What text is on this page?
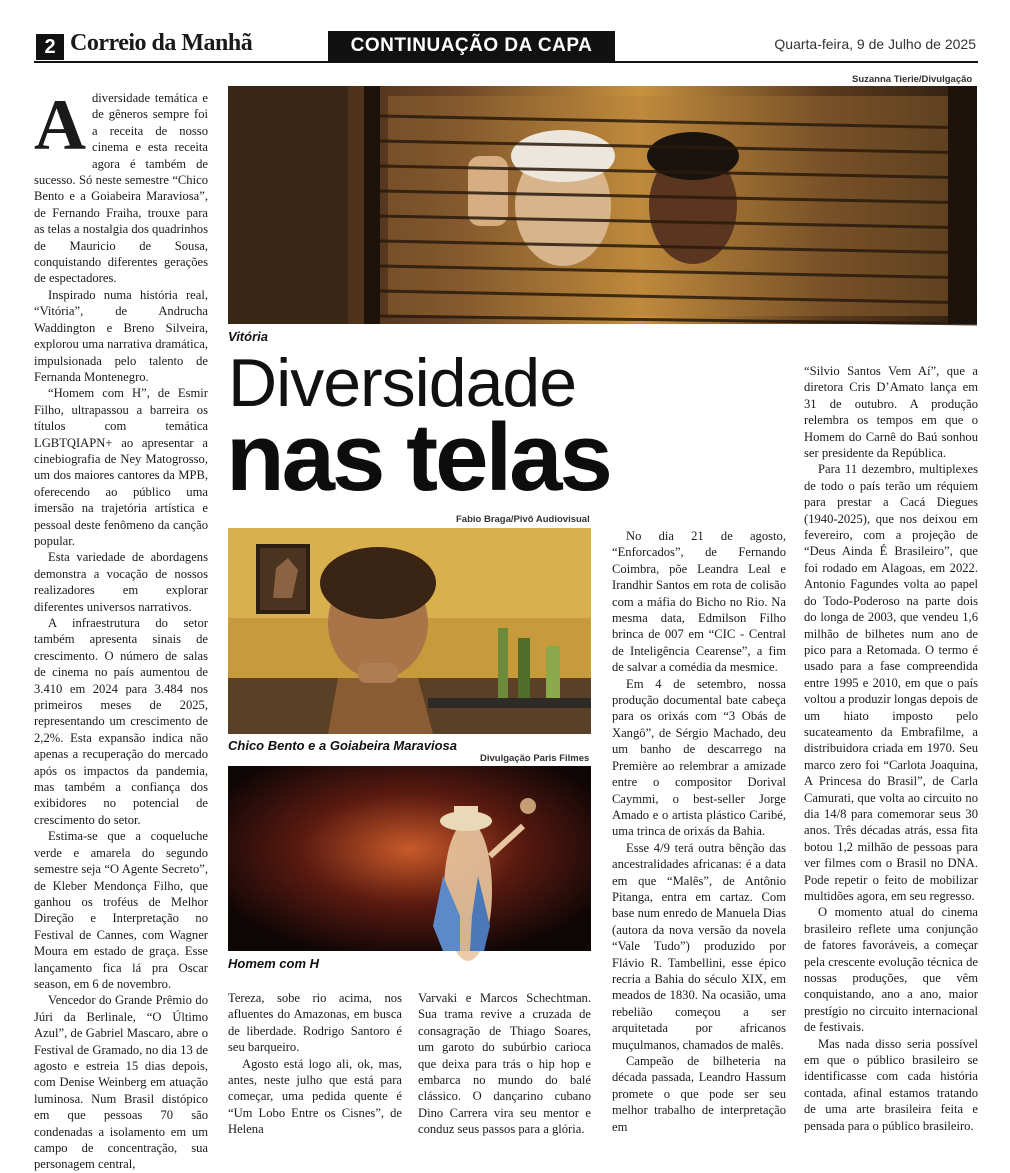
2 Correio da Manhã	CONTINUAÇÃO DA CAPA	Quarta-feira, 9 de Julho de 2025
Suzanna Tierie/Divulgação
Vitória
Diversidade
nas telas

Adiversidade temática e de gêneros sempre foi a receita de nosso cinema e esta receita agora é também de sucesso. Só neste semestre “Chico Bento e a Goiabeira Maraviosa”, de Fernando Fraiha, trouxe para as telas a nostalgia dos quadrinhos de Mauricio de Sousa, conquistando diferentes gerações de espectadores.

Inspirado numa história real, “Vitória”, de Andrucha Waddington e Breno Silveira, explorou uma narrativa dramática, impulsionada pelo talento de Fernanda Montenegro.

“Homem com H”, de Esmir Filho, ultrapassou a barreira os títulos com temática LGBTQIAPN+ ao apresentar a cinebiografia de Ney Matogrosso, um dos maiores cantores da MPB, oferecendo ao público uma imersão na trajetória artística e pessoal deste fenômeno da canção popular.

Esta variedade de abordagens demonstra a vocação de nossos realizadores em explorar diferentes universos narrativos.

A infraestrutura do setor também apresenta sinais de crescimento. O número de salas de cinema no país aumentou de 3.410 em 2024 para 3.484 nos primeiros meses de 2025, representando um crescimento de 2,2%. Esta expansão indica não apenas a recuperação do mercado após os impactos da pandemia, mas também a confiança dos exibidores no potencial de crescimento do setor.

Estima-se que a coqueluche verde e amarela do segundo semestre seja “O Agente Secreto”, de Kleber Mendonça Filho, que ganhou os troféus de Melhor Direção e Interpretação no Festival de Cannes, com Wagner Moura em estado de graça. Esse lançamento fica lá pra Oscar season, em 6 de novembro.

Vencedor do Grande Prêmio do Júri da Berlinale, “O Último Azul”, de Gabriel Mascaro, abre o Festival de Gramado, no dia 13 de agosto e estreia 15 dias depois, com Denise Weinberg em atuação luminosa. Num Brasil distópico em que pessoas 70 são condenadas a isolamento em um campo de concentração, sua personagem central,

Fabio Braga/Pivô Audiovisual
Chico Bento e a Goiabeira Maraviosa
Divulgação Paris Filmes
Homem com H

Tereza, sobe rio acima, nos afluentes do Amazonas, em busca de liberdade. Rodrigo Santoro é seu barqueiro.

Agosto está logo ali, ok, mas, antes, neste julho que está para começar, uma pedida quente é “Um Lobo Entre os Cisnes”, de Helena

Varvaki e Marcos Schechtman. Sua trama revive a cruzada de consagração de Thiago Soares, um garoto do subúrbio carioca que deixa para trás o hip hop e embarca no mundo do balé clássico. O dançarino cubano Dino Carrera vira seu mentor e conduz seus passos para a glória.

No dia 21 de agosto, “Enforcados”, de Fernando Coimbra, põe Leandra Leal e Irandhir Santos em rota de colisão com a máfia do Bicho no Rio. Na mesma data, Edmilson Filho brinca de 007 em “CIC - Central de Inteligência Cearense”, a fim de salvar a comédia da mesmice.

Em 4 de setembro, nossa produção documental bate cabeça para os orixás com “3 Obás de Xangô”, de Sérgio Machado, deu um banho de descarrego na Première ao relembrar a amizade entre o compositor Dorival Caymmi, o best-seller Jorge Amado e o artista plástico Caribé, uma trinca de orixás da Bahia.

Esse 4/9 terá outra bênção das ancestralidades africanas: é a data em que “Malês”, de Antônio Pitanga, entra em cartaz. Com base num enredo de Manuela Dias (autora da nova versão da novela “Vale Tudo”) produzido por Flávio R. Tambellini, esse épico recria a Bahia do século XIX, em meados de 1830. Na ocasião, uma rebelião começou a ser arquitetada por africanos muçulmanos, chamados de malês.

Campeão de bilheteria na década passada, Leandro Hassum promete o que pode ser seu melhor trabalho de interpretação em

“Silvio Santos Vem Aí”, que a diretora Cris D’Amato lança em 31 de outubro. A produção relembra os tempos em que o Homem do Carnê do Baú sonhou ser presidente da República.

Para 11 dezembro, multiplexes de todo o país terão um réquiem para prestar a Cacá Diegues (1940-2025), que nos deixou em fevereiro, com a projeção de “Deus Ainda É Brasileiro”, que foi rodado em Alagoas, em 2022. Antonio Fagundes volta ao papel do Todo-Poderoso na parte dois do longa de 2003, que vendeu 1,6 milhão de bilhetes num ano de pico para a Retomada. O termo é usado para a fase compreendida entre 1995 e 2010, em que o país voltou a produzir longas depois de um hiato imposto pelo sucateamento da Embrafilme, a distribuidora criada em 1970. Seu marco zero foi “Carlota Joaquina, A Princesa do Brasil”, de Carla Camurati, que volta ao circuito no dia 14/8 para comemorar seus 30 anos. Três décadas atrás, essa fita botou 1,2 milhão de pessoas para ver filmes com o Brasil no DNA. Pode repetir o feito de mobilizar multidões agora, em seu regresso.

O momento atual do cinema brasileiro reflete uma conjunção de fatores favoráveis, a começar pela crescente evolução técnica de nossas produções, que vêm conquistando, ano a ano, maior prestígio no circuito internacional de festivais.

Mas nada disso seria possível em que o público brasileiro se identificasse com cada história contada, afinal estamos tratando de uma arte brasileira feita e pensada para o público brasileiro.
